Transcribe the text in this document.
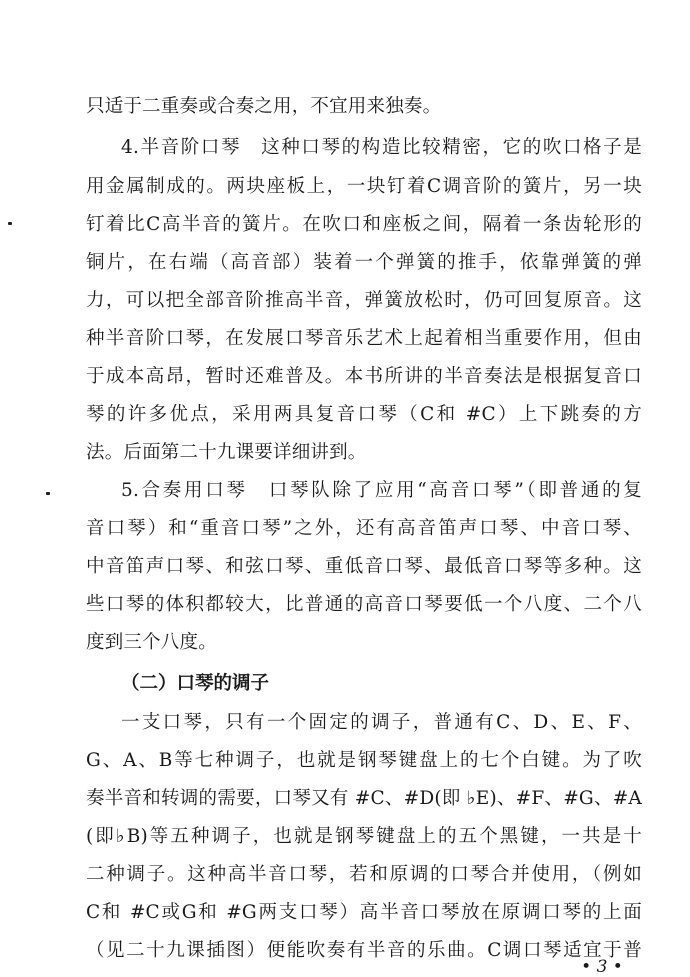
只适于二重奏或合奏之用，不宜用来独奏。
4.半音阶口琴　这种口琴的构造比较精密，它的吹口格子是
用金属制成的。两块座板上，一块钉着C调音阶的簧片，另一块
钉着比C高半音的簧片。在吹口和座板之间，隔着一条齿轮形的
铜片，在右端（高音部）装着一个弹簧的推手，依靠弹簧的弹
力，可以把全部音阶推高半音，弹簧放松时，仍可回复原音。这
种半音阶口琴，在发展口琴音乐艺术上起着相当重要作用，但由
于成本高昂，暂时还难普及。本书所讲的半音奏法是根据复音口
琴的许多优点，采用两具复音口琴（C和 #C）上下跳奏的方
法。后面第二十九课要详细讲到。
5.合奏用口琴　口琴队除了应用“高音口琴”（即普通的复
音口琴）和“重音口琴”之外，还有高音笛声口琴、中音口琴、
中音笛声口琴、和弦口琴、重低音口琴、最低音口琴等多种。这
些口琴的体积都较大，比普通的高音口琴要低一个八度、二个八
度到三个八度。
（二）口琴的调子
一支口琴，只有一个固定的调子，普通有C、D、E、F、
G、A、B等七种调子，也就是钢琴键盘上的七个白键。为了吹
奏半音和转调的需要，口琴又有 #C、#D(即 ♭E)、#F、#G、#A
(即♭B)等五种调子，也就是钢琴键盘上的五个黑键，一共是十
二种调子。这种高半音口琴，若和原调的口琴合并使用，（例如
C和 #C或G和 #G两支口琴）高半音口琴放在原调口琴的上面
（见二十九课插图）便能吹奏有半音的乐曲。C调口琴适宜于普
• 3 •
